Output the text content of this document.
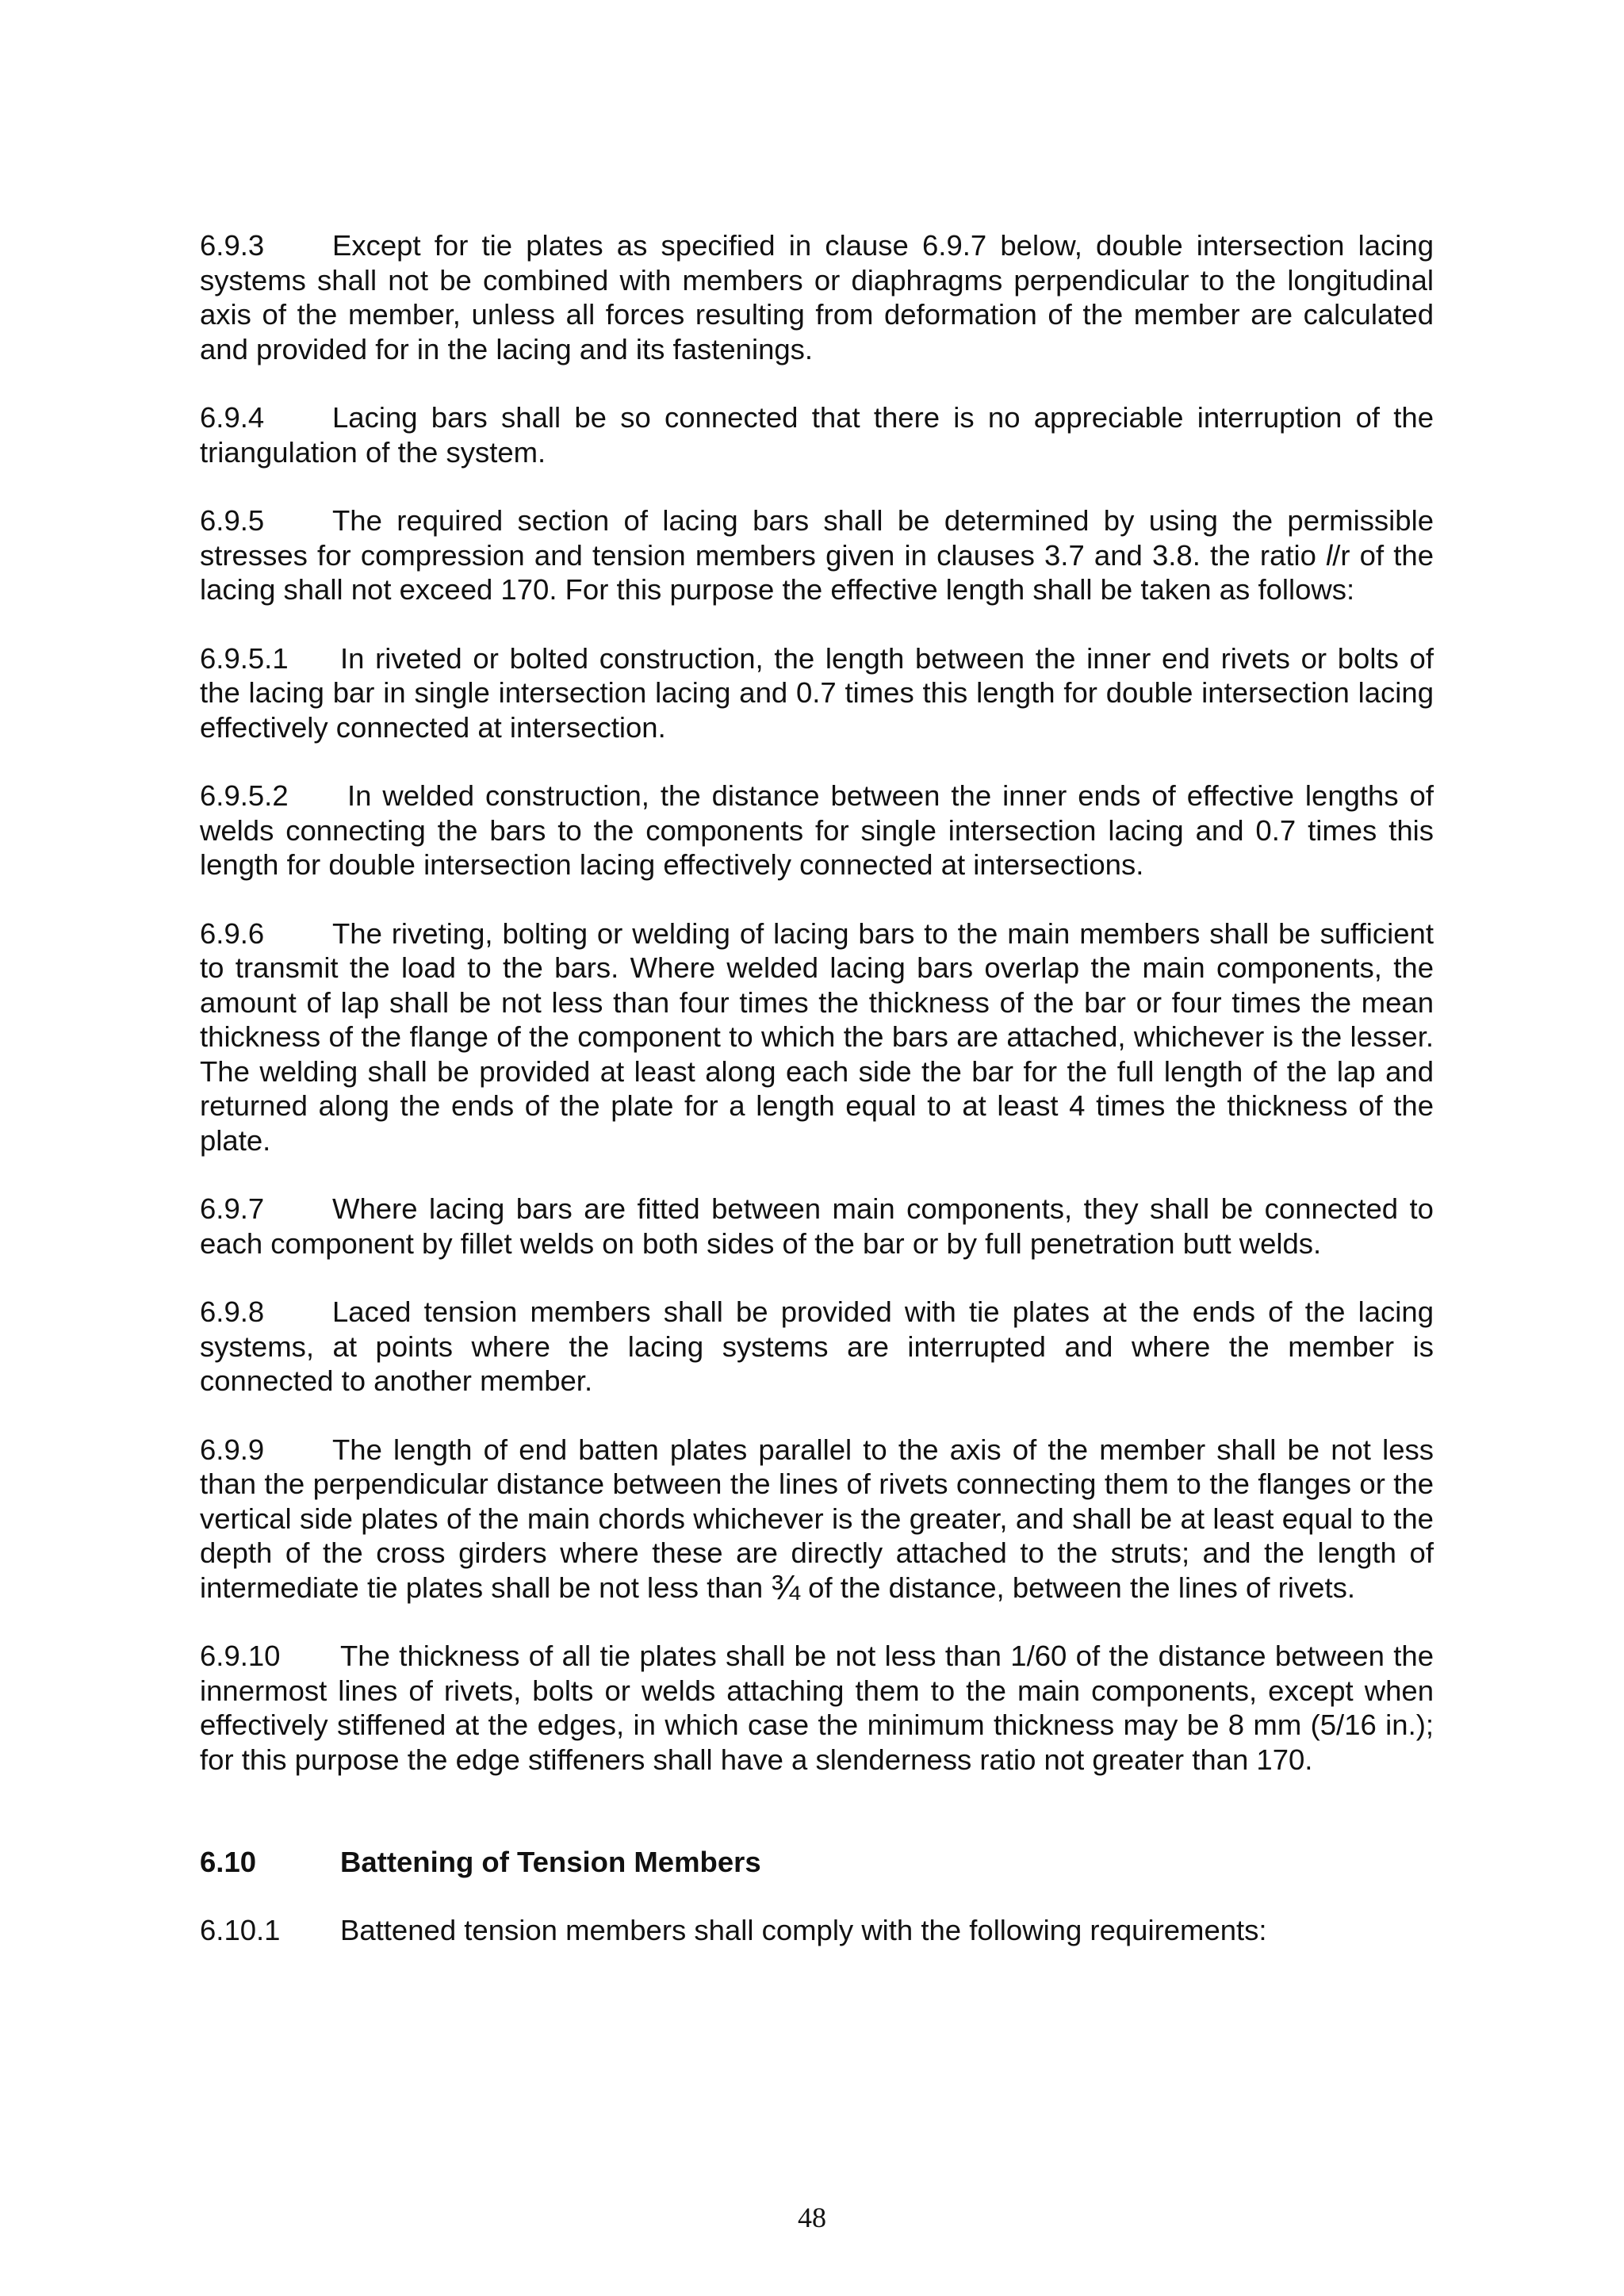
6.9.3 Except for tie plates as specified in clause 6.9.7 below, double intersection lacing systems shall not be combined with members or diaphragms perpendicular to the longitudinal axis of the member, unless all forces resulting from deformation of the member are calculated and provided for in the lacing and its fastenings.

6.9.4 Lacing bars shall be so connected that there is no appreciable interruption of the triangulation of the system.

6.9.5 The required section of lacing bars shall be determined by using the permissible stresses for compression and tension members given in clauses 3.7 and 3.8. the ratio l/r of the lacing shall not exceed 170. For this purpose the effective length shall be taken as follows:

6.9.5.1 In riveted or bolted construction, the length between the inner end rivets or bolts of the lacing bar in single intersection lacing and 0.7 times this length for double intersection lacing effectively connected at intersection.

6.9.5.2 In welded construction, the distance between the inner ends of effective lengths of welds connecting the bars to the components for single intersection lacing and 0.7 times this length for double intersection lacing effectively connected at intersections.

6.9.6 The riveting, bolting or welding of lacing bars to the main members shall be sufficient to transmit the load to the bars. Where welded lacing bars overlap the main components, the amount of lap shall be not less than four times the thickness of the bar or four times the mean thickness of the flange of the component to which the bars are attached, whichever is the lesser. The welding shall be provided at least along each side the bar for the full length of the lap and returned along the ends of the plate for a length equal to at least 4 times the thickness of the plate.

6.9.7 Where lacing bars are fitted between main components, they shall be connected to each component by fillet welds on both sides of the bar or by full penetration butt welds.

6.9.8 Laced tension members shall be provided with tie plates at the ends of the lacing systems, at points where the lacing systems are interrupted and where the member is connected to another member.

6.9.9 The length of end batten plates parallel to the axis of the member shall be not less than the perpendicular distance between the lines of rivets connecting them to the flanges or the vertical side plates of the main chords whichever is the greater, and shall be at least equal to the depth of the cross girders where these are directly attached to the struts; and the length of intermediate tie plates shall be not less than ¾ of the distance, between the lines of rivets.

6.9.10 The thickness of all tie plates shall be not less than 1/60 of the distance between the innermost lines of rivets, bolts or welds attaching them to the main components, except when effectively stiffened at the edges, in which case the minimum thickness may be 8 mm (5/16 in.); for this purpose the edge stiffeners shall have a slenderness ratio not greater than 170.

6.10	Battening of Tension Members

6.10.1 Battened tension members shall comply with the following requirements:

48
